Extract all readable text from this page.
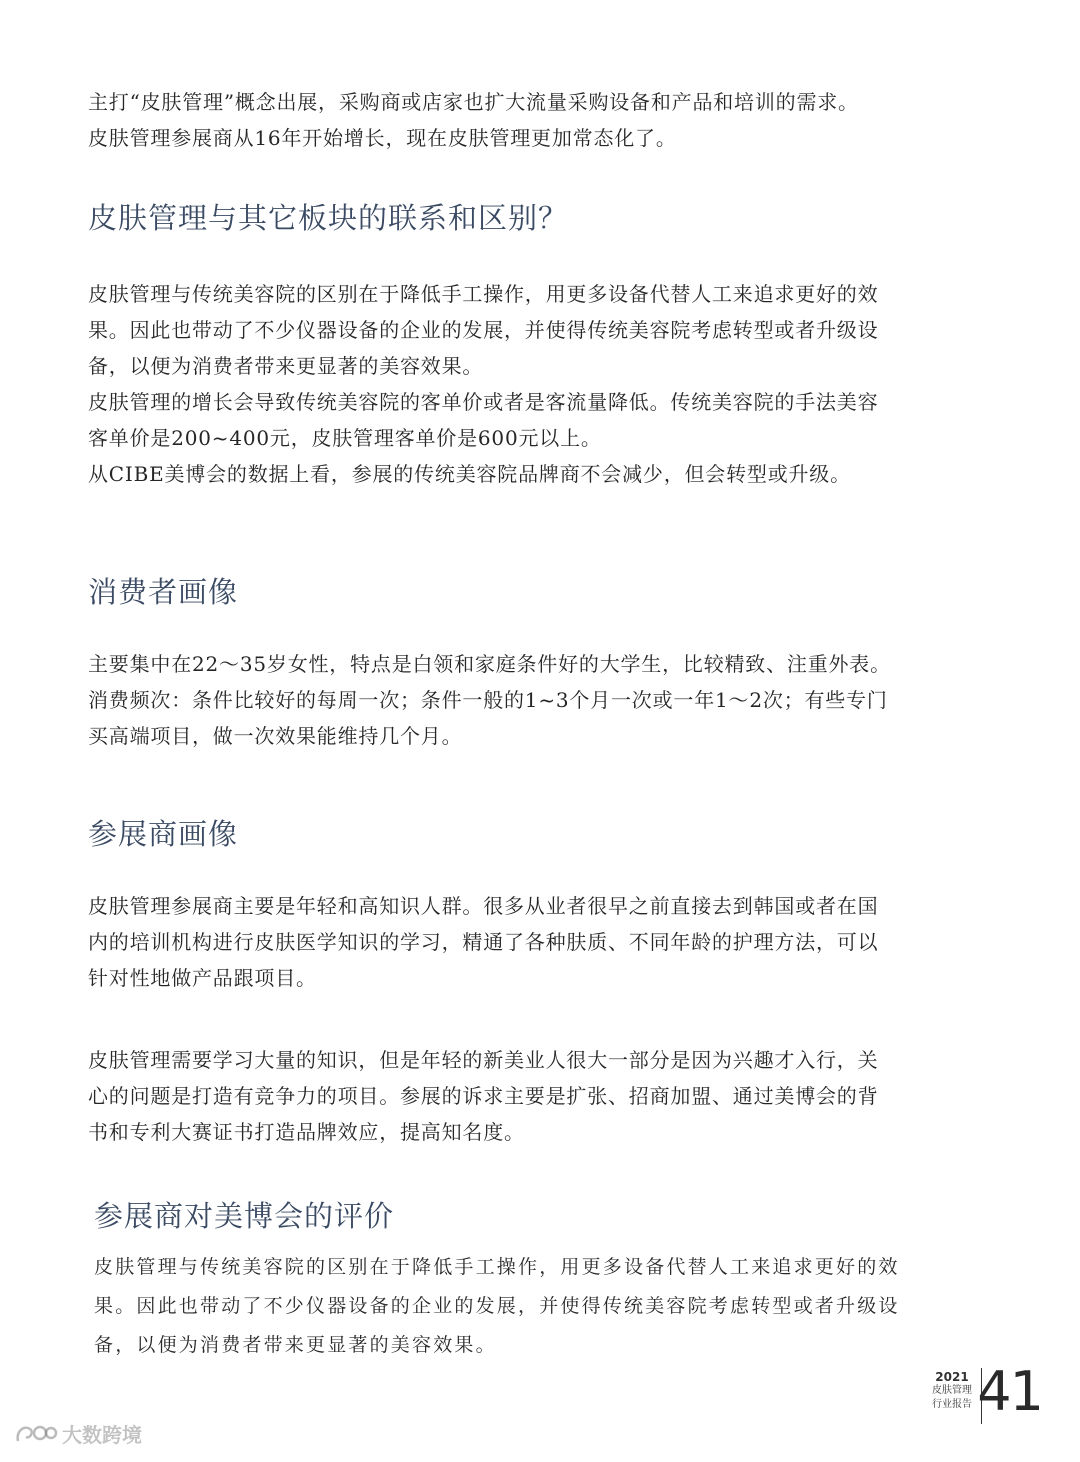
主打“皮肤管理”概念出展，采购商或店家也扩大流量采购设备和产品和培训的需求。
皮肤管理参展商从16年开始增长，现在皮肤管理更加常态化了。
皮肤管理与其它板块的联系和区别？
皮肤管理与传统美容院的区别在于降低手工操作，用更多设备代替人工来追求更好的效
果。因此也带动了不少仪器设备的企业的发展，并使得传统美容院考虑转型或者升级设
备，以便为消费者带来更显著的美容效果。
皮肤管理的增长会导致传统美容院的客单价或者是客流量降低。传统美容院的手法美容
客单价是200~400元，皮肤管理客单价是600元以上。
从CIBE美博会的数据上看，参展的传统美容院品牌商不会减少，但会转型或升级。
消费者画像
主要集中在22～35岁女性，特点是白领和家庭条件好的大学生，比较精致、注重外表。
消费频次：条件比较好的每周一次；条件一般的1~3个月一次或一年1～2次；有些专门
买高端项目，做一次效果能维持几个月。
参展商画像
皮肤管理参展商主要是年轻和高知识人群。很多从业者很早之前直接去到韩国或者在国
内的培训机构进行皮肤医学知识的学习，精通了各种肤质、不同年龄的护理方法，可以
针对性地做产品跟项目。
皮肤管理需要学习大量的知识，但是年轻的新美业人很大一部分是因为兴趣才入行，关
心的问题是打造有竞争力的项目。参展的诉求主要是扩张、招商加盟、通过美博会的背
书和专利大赛证书打造品牌效应，提高知名度。
参展商对美博会的评价
皮肤管理与传统美容院的区别在于降低手工操作，用更多设备代替人工来追求更好的效
果。因此也带动了不少仪器设备的企业的发展，并使得传统美容院考虑转型或者升级设
备，以便为消费者带来更显著的美容效果。
2021
皮肤管理
行业报告 41
大数跨境
